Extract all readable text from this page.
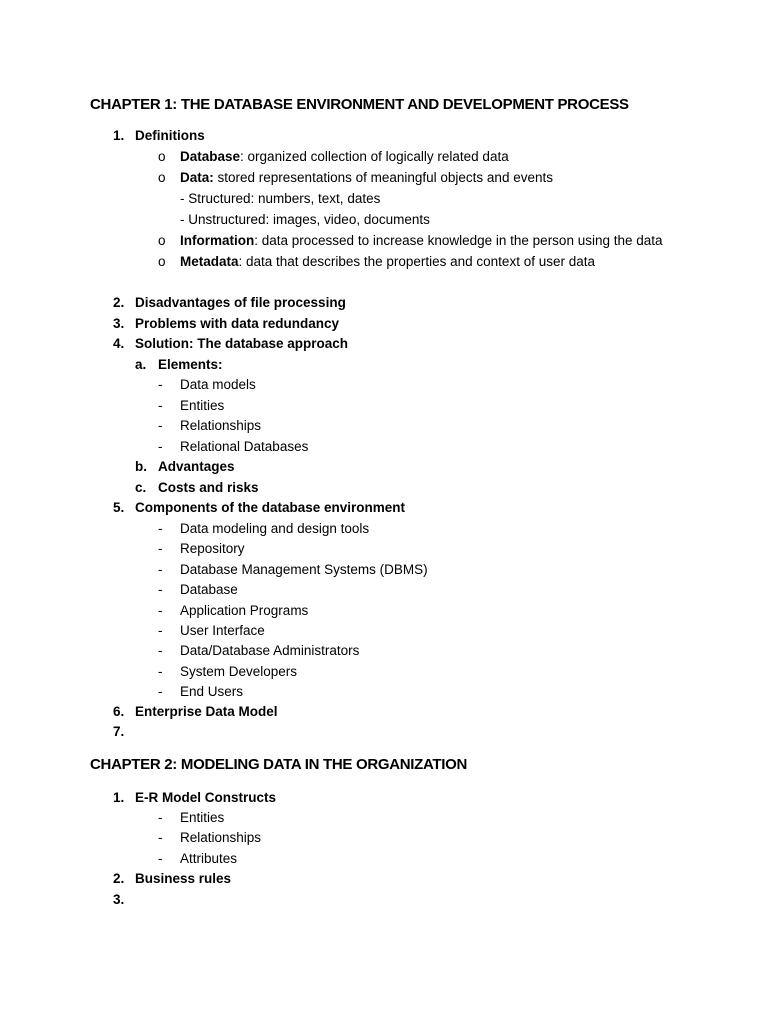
CHAPTER 1: THE DATABASE ENVIRONMENT AND DEVELOPMENT PROCESS
1. Definitions
o Database: organized collection of logically related data
o Data: stored representations of meaningful objects and events
- Structured: numbers, text, dates
- Unstructured: images, video, documents
o Information: data processed to increase knowledge in the person using the data
o Metadata: data that describes the properties and context of user data
2. Disadvantages of file processing
3. Problems with data redundancy
4. Solution: The database approach
a. Elements:
- Data models
- Entities
- Relationships
- Relational Databases
b. Advantages
c. Costs and risks
5. Components of the database environment
- Data modeling and design tools
- Repository
- Database Management Systems (DBMS)
- Database
- Application Programs
- User Interface
- Data/Database Administrators
- System Developers
- End Users
6. Enterprise Data Model
7.
CHAPTER 2: MODELING DATA IN THE ORGANIZATION
1. E-R Model Constructs
- Entities
- Relationships
- Attributes
2. Business rules
3.
